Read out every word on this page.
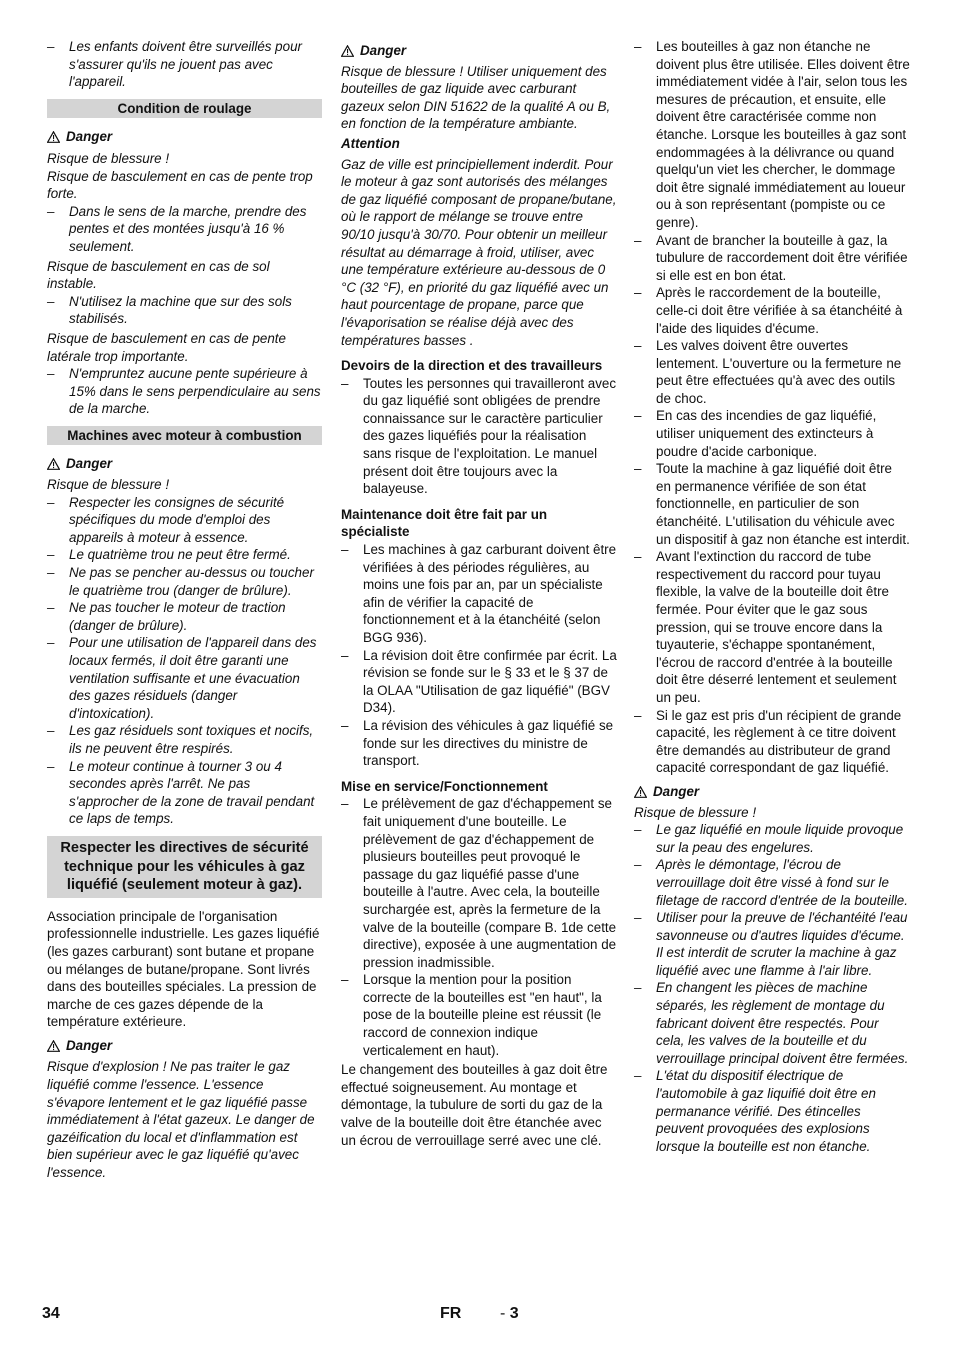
– Les enfants doivent être surveillés pour s'assurer qu'ils ne jouent pas avec l'appareil.

Condition de roulage
Danger

Risque de blessure !

Risque de basculement en cas de pente trop forte.

– Dans le sens de la marche, prendre des pentes et des montées jusqu'à 16 % seulement.

Risque de basculement en cas de sol instable.

– N'utilisez la machine que sur des sols stabilisés.

Risque de basculement en cas de pente latérale trop importante.

– N'empruntez aucune pente supérieure à 15% dans le sens perpendiculaire au sens de la marche.

Machines avec moteur à combustion
Danger

Risque de blessure !

– Respecter les consignes de sécurité spécifiques du mode d'emploi des appareils à moteur à essence.

– Le quatrième trou ne peut être fermé.

– Ne pas se pencher au-dessus ou toucher le quatrième trou (danger de brûlure).

– Ne pas toucher le moteur de traction (danger de brûlure).

– Pour une utilisation de l'appareil dans des locaux fermés, il doit être garanti une ventilation suffisante et une évacuation des gazes résiduels (danger d'intoxication).

– Les gaz résiduels sont toxiques et nocifs, ils ne peuvent être respirés.

– Le moteur continue à tourner 3 ou 4 secondes après l'arrêt. Ne pas s'approcher de la zone de travail pendant ce laps de temps.

Respecter les directives de sécurité technique pour les véhicules à gaz liquéfié (seulement moteur à gaz).

Association principale de l'organisation professionnelle industrielle. Les gazes liquéfié (les gazes carburant) sont butane et propane ou mélanges de butane/propane. Sont livrés dans des bouteilles spéciales. La pression de marche de ces gazes dépende de la température extérieure.

Danger

Risque d'explosion ! Ne pas traiter le gaz liquéfié comme l'essence. L'essence s'évapore lentement et le gaz liquéfié passe immédiatement à l'état gazeux. Le danger de gazéification du local et d'inflammation est bien supérieur avec le gaz liquéfié qu'avec l'essence.

Danger

Risque de blessure ! Utiliser uniquement des bouteilles de gaz liquide avec carburant gazeux selon DIN 51622 de la qualité A ou B, en fonction de la température ambiante.

Attention

Gaz de ville est principiellement inderdit. Pour le moteur à gaz sont autorisés des mélanges de gaz liquéfié composant de propane/butane, où le rapport de mélange se trouve entre 90/10 jusqu'à 30/70. Pour obtenir un meilleur résultat au démarrage à froid, utiliser, avec une température extérieure au-dessous de 0 °C (32 °F), en priorité du gaz liquéfié avec un haut pourcentage de propane, parce que l'évaporisation se réalise déjà avec des températures basses .

Devoirs de la direction et des travailleurs

– Toutes les personnes qui travailleront avec du gaz liquéfié sont obligées de prendre connaissance sur le caractère particulier des gazes liquéfiés pour la réalisation sans risque de l'exploitation. Le manuel présent doit être toujours avec la balayeuse.

Maintenance doit être fait par un spécialiste

– Les machines à gaz carburant doivent être vérifiées à des périodes régulières, au moins une fois par an, par un spécialiste afin de vérifier la capacité de fonctionnement et à la étanchéité (selon BGG 936).

– La révision doit être confirmée par écrit. La révision se fonde sur le § 33 et le § 37 de la OLAA "Utilisation de gaz liquéfié" (BGV D34).

– La révision des véhicules à gaz liquéfié se fonde sur les directives du ministre de transport.

Mise en service/Fonctionnement

– Le prélèvement de gaz d'échappement se fait uniquement d'une bouteille. Le prélèvement de gaz d'échappement de plusieurs bouteilles peut provoqué le passage du gaz liquéfié passe d'une bouteille à l'autre. Avec cela, la bouteille surchargée est, après la fermeture de la valve de la bouteille (compare B. 1de cette directive), exposée à une augmentation de pression inadmissible.

– Lorsque la mention pour la position correcte de la bouteilles est "en haut", la pose de la bouteille pleine est réussit (le raccord de connexion indique verticalement en haut).

Le changement des bouteilles à gaz doit être effectué soigneusement. Au montage et démontage, la tubulure de sorti du gaz de la valve de la bouteille doit être étanchée avec un écrou de verrouillage serré avec une clé.

– Les bouteilles à gaz non étanche ne doivent plus être utilisée. Elles doivent être immédiatement vidée à l'air, selon tous les mesures de précaution, et ensuite, elle doivent être caractérisée comme non étanche. Lorsque les bouteilles à gaz sont endommagées à la délivrance ou quand quelqu'un viet les chercher, le dommage doit être signalé immédiatement au loueur ou à son représentant (pompiste ou ce genre).

– Avant de brancher la bouteille à gaz, la tubulure de raccordement doit être vérifiée si elle est en bon état.

– Après le raccordement de la bouteille, celle-ci doit être vérifiée à sa étanchéité à l'aide des liquides d'écume.

– Les valves doivent être ouvertes lentement. L'ouverture ou la fermeture ne peut être effectuées qu'à avec des outils de choc.

– En cas des incendies de gaz liquéfié, utiliser uniquement des extincteurs à poudre d'acide carbonique.

– Toute la machine à gaz liquéfié doit être en permanence vérifiée de son état fonctionnelle, en particulier de son étanchéité. L'utilisation du véhicule avec un dispositif à gaz non étanche est interdit.

– Avant l'extinction du raccord de tube respectivement du raccord pour tuyau flexible, la valve de la bouteille doit être fermée. Pour éviter que le gaz sous pression, qui se trouve encore dans la tuyauterie, s'échappe spontanément, l'écrou de raccord d'entrée à la bouteille doit être déserré lentement et seulement un peu.

– Si le gaz est pris d'un récipient de grande capacité, les règlement à ce titre doivent être demandés au distributeur de grand capacité correspondant de gaz liquéfié.

Danger

Risque de blessure !

– Le gaz liquéfié en moule liquide provoque sur la peau des engelures.

– Après le démontage, l'écrou de verrouillage doit être vissé à fond sur le filetage de raccord d'entrée de la bouteille.

– Utiliser pour la preuve de l'échantéité l'eau savonneuse ou d'autres liquides d'écume. Il est interdit de scruter la machine à gaz liquéfié avec une flamme à l'air libre.

– En changent les pièces de machine séparés, les règlement de montage du fabricant doivent être respectés. Pour cela, les valves de la bouteille et du verrouillage principal doivent être fermées.

– L'état du dispositif électrique de l'automobile à gaz liquifié doit être en permanance vérifié. Des étincelles peuvent provoquées des explosions lorsque la bouteille est non étanche.

34	FR - 3
